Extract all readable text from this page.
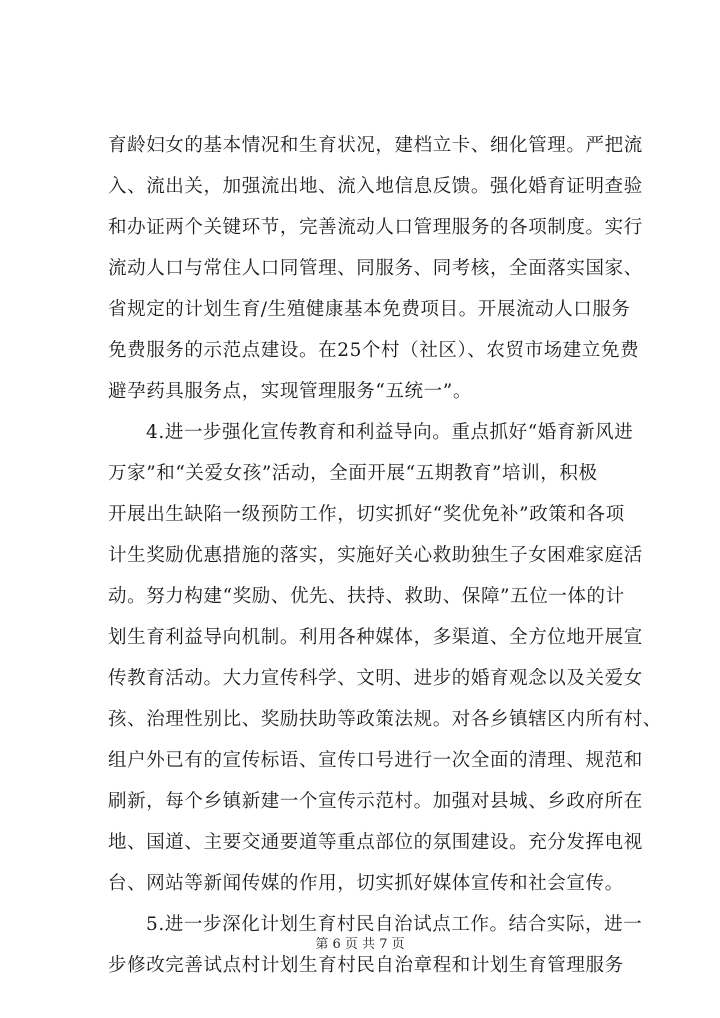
育龄妇女的基本情况和生育状况，建档立卡、细化管理。严把流
入、流出关，加强流出地、流入地信息反馈。强化婚育证明查验
和办证两个关键环节，完善流动人口管理服务的各项制度。实行
流动人口与常住人口同管理、同服务、同考核，全面落实国家、
省规定的计划生育/生殖健康基本免费项目。开展流动人口服务
免费服务的示范点建设。在25个村（社区）、农贸市场建立免费
避孕药具服务点，实现管理服务“五统一”。
4.进一步强化宣传教育和利益导向。重点抓好“婚育新风进
万家”和“关爱女孩”活动，全面开展“五期教育”培训，积极
开展出生缺陷一级预防工作，切实抓好“奖优免补”政策和各项
计生奖励优惠措施的落实，实施好关心救助独生子女困难家庭活
动。努力构建“奖励、优先、扶持、救助、保障”五位一体的计
划生育利益导向机制。利用各种媒体，多渠道、全方位地开展宣
传教育活动。大力宣传科学、文明、进步的婚育观念以及关爱女
孩、治理性别比、奖励扶助等政策法规。对各乡镇辖区内所有村、
组户外已有的宣传标语、宣传口号进行一次全面的清理、规范和
刷新，每个乡镇新建一个宣传示范村。加强对县城、乡政府所在
地、国道、主要交通要道等重点部位的氛围建设。充分发挥电视
台、网站等新闻传媒的作用，切实抓好媒体宣传和社会宣传。
5.进一步深化计划生育村民自治试点工作。结合实际，进一
步修改完善试点村计划生育村民自治章程和计划生育管理服务
第 6 页 共 7 页
